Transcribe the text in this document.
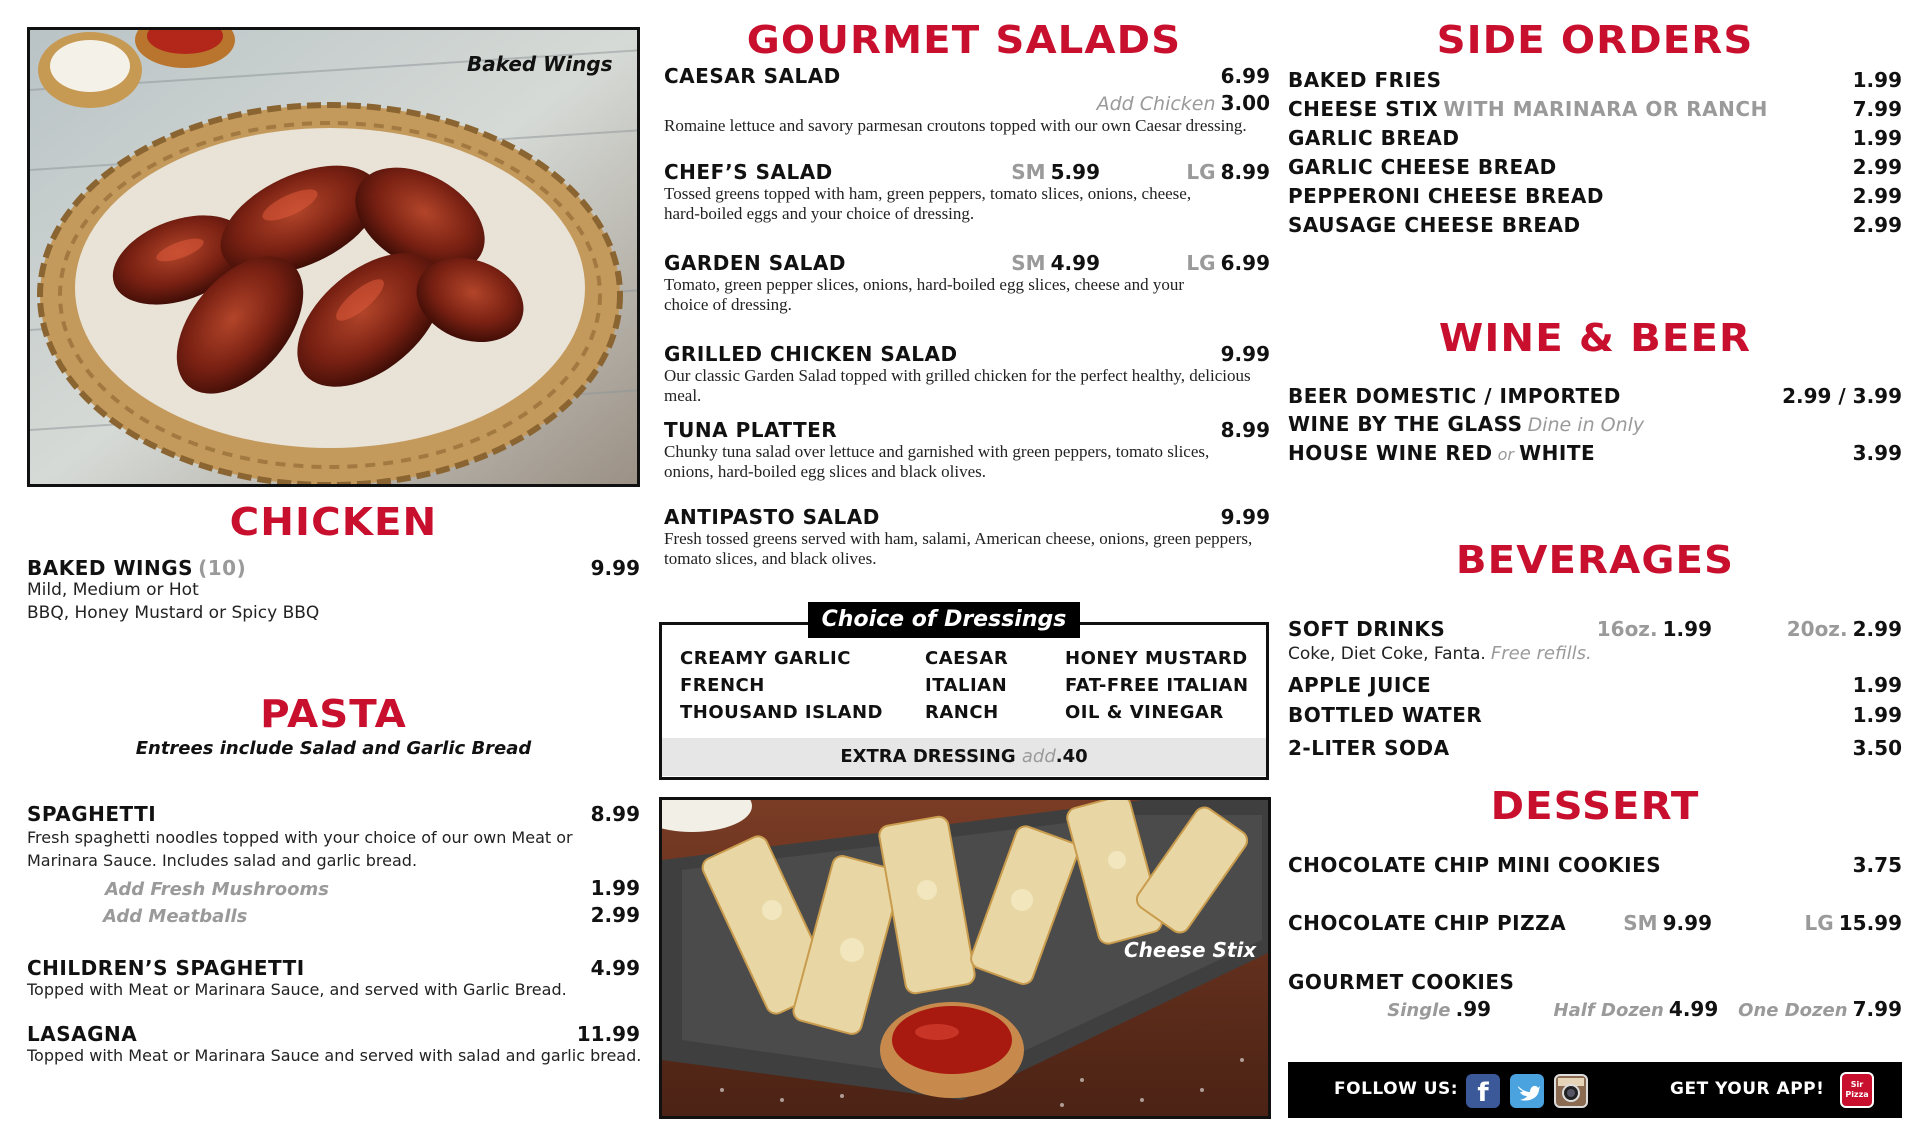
Baked Wings
CHICKEN
BAKED WINGS (10)	9.99
Mild, Medium or Hot
BBQ, Honey Mustard or Spicy BBQ
PASTA
Entrees include Salad and Garlic Bread
SPAGHETTI	8.99
Fresh spaghetti noodles topped with your choice of our own Meat or Marinara Sauce. Includes salad and garlic bread.
Add Fresh Mushrooms	1.99
Add Meatballs	2.99
CHILDREN’S SPAGHETTI	4.99
Topped with Meat or Marinara Sauce, and served with Garlic Bread.
LASAGNA	11.99
Topped with Meat or Marinara Sauce and served with salad and garlic bread.
GOURMET SALADS
CAESAR SALAD	6.99
Add Chicken 3.00
Romaine lettuce and savory parmesan croutons topped with our own Caesar dressing.
CHEF’S SALAD	SM 5.99	LG 8.99
Tossed greens topped with ham, green peppers, tomato slices, onions, cheese, hard-boiled eggs and your choice of dressing.
GARDEN SALAD	SM 4.99	LG 6.99
Tomato, green pepper slices, onions, hard-boiled egg slices, cheese and your choice of dressing.
GRILLED CHICKEN SALAD	9.99
Our classic Garden Salad topped with grilled chicken for the perfect healthy, delicious meal.
TUNA PLATTER	8.99
Chunky tuna salad over lettuce and garnished with green peppers, tomato slices, onions, hard-boiled egg slices and black olives.
ANTIPASTO SALAD	9.99
Fresh tossed greens served with ham, salami, American cheese, onions, green peppers, tomato slices, and black olives.
Choice of Dressings
CREAMY GARLIC	CAESAR	HONEY MUSTARD
FRENCH	ITALIAN	FAT-FREE ITALIAN
THOUSAND ISLAND	RANCH	OIL & VINEGAR
EXTRA DRESSING add.40
Cheese Stix
SIDE ORDERS
BAKED FRIES	1.99
CHEESE STIX WITH MARINARA OR RANCH	7.99
GARLIC BREAD	1.99
GARLIC CHEESE BREAD	2.99
PEPPERONI CHEESE BREAD	2.99
SAUSAGE CHEESE BREAD	2.99
WINE & BEER
BEER DOMESTIC / IMPORTED	2.99 / 3.99
WINE BY THE GLASS Dine in Only
HOUSE WINE RED or WHITE	3.99
BEVERAGES
SOFT DRINKS	16oz. 1.99	20oz. 2.99
Coke, Diet Coke, Fanta. Free refills.
APPLE JUICE	1.99
BOTTLED WATER	1.99
2-LITER SODA	3.50
DESSERT
CHOCOLATE CHIP MINI COOKIES	3.75
CHOCOLATE CHIP PIZZA	SM 9.99	LG 15.99
GOURMET COOKIES
Single .99	Half Dozen 4.99	One Dozen 7.99
FOLLOW US: f	GET YOUR APP!	Sir Pizza
